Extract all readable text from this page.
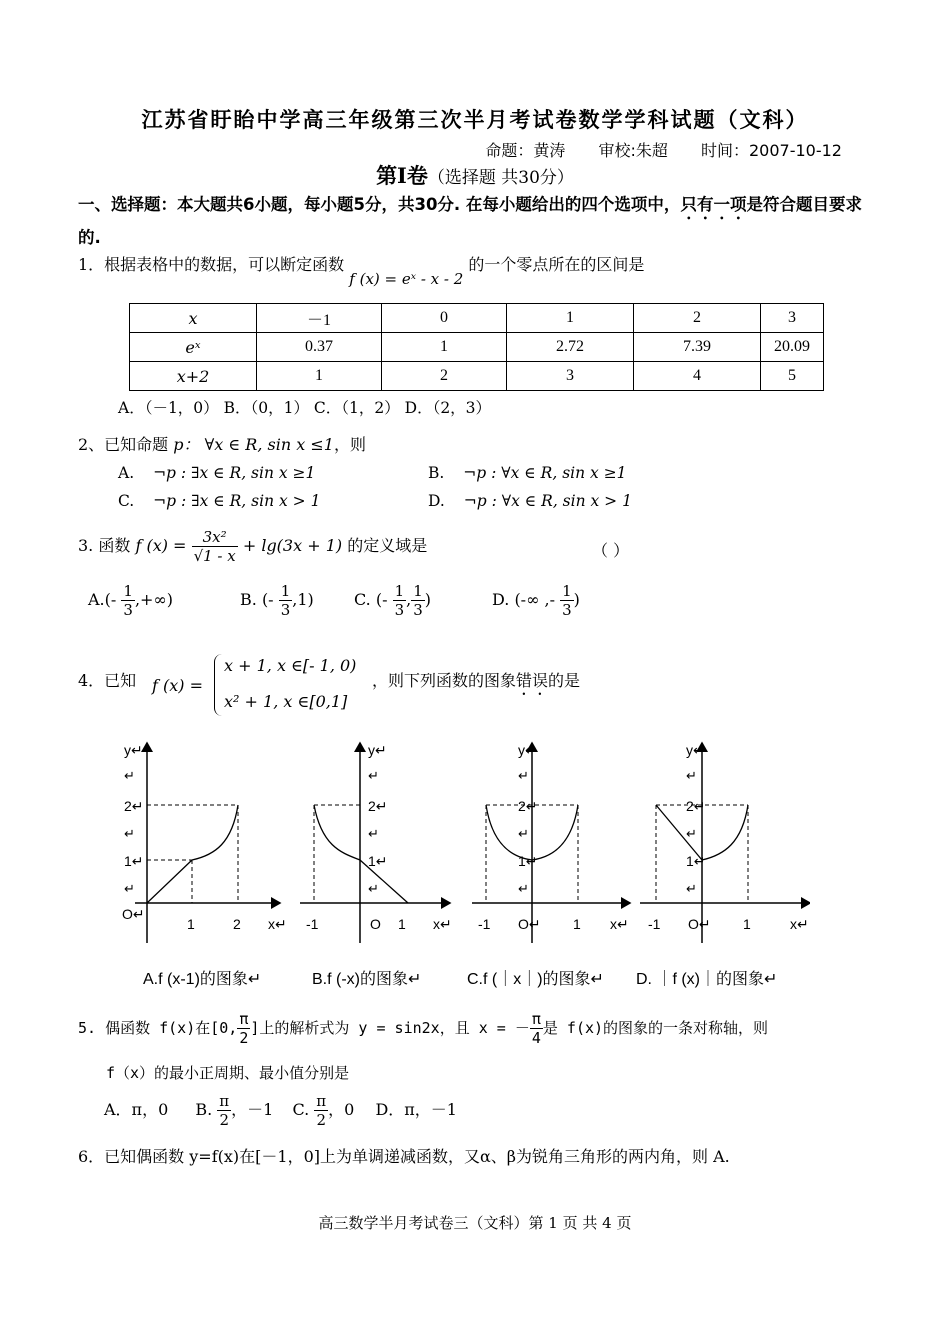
江苏省盱眙中学高三年级第三次半月考试卷数学学科试题（文科）
命题：黄涛 审校:朱超 时间：2007-10-12
第Ⅰ卷（选择题 共30分）
一、选择题：本大题共6小题，每小题5分，共30分. 在每小题给出的四个选项中，只有一项是符合题目要求的.
1．根据表格中的数据，可以断定函数 f (x) = eˣ - x - 2 的一个零点所在的区间是
x	－1	0	1	2	3
eˣ	0.37	1	2.72	7.39	20.09
x+2	1	2	3	4	5
A．（－1，0） B．（0，1） C．（1，2） D．（2，3）
2、已知命题 p： ∀x ∈ R, sin x ≤1，则
A. ¬p : ∃x ∈ R, sin x ≥1	B. ¬p : ∀x ∈ R, sin x ≥1
C. ¬p : ∃x ∈ R, sin x > 1	D. ¬p : ∀x ∈ R, sin x > 1
3. 函数 f $(x) = \frac{\text{3x²}}{√1 - x} + \lg(3x + 1)$ 的定义域是	（ ）
$A.(- \frac{1}{3}$ ,+∞)	B. (- $\frac{1}{3} ,1$)	C. (- $\frac{1}{3}$ , $\frac{1}{3}$ )	D. (-∞ ,- $\frac{1}{3}$ )
4．已知 f (x) =
x + 1, x ∈[- 1, 0)
x² + 1, x ∈[0,1]
，则下列函数的图象错误的是
y↵
↵
2↵
↵
1↵
↵
O↵
1	2 x↵
y↵
↵
2↵
↵
1↵
↵
-1	O 1 x↵
y↵
↵
2↵
↵
1↵
↵
-1 O↵ 1 x↵
y↵
↵
2↵
↵
1↵
↵
-1 O↵ 1	x↵
A.f (x-1)的图象↵	B.f (-x)的图象↵	C.f (｜x｜)的图象↵ D. ｜f (x)｜的图象↵
5. 偶函数 f(x)在[0, $\frac{\pi}{2}$ ]上的解析式为 y = sin2x，且 x = － $\frac{\pi}{4}$ 是 f(x)的图象的一条对称轴，则
f（x）的最小正周期、最小值分别是
A．π，0 B. $\frac{\pi}{2}$ ，－1 C. $\frac{\pi}{2}$ ，0 D．π，－1
6．已知偶函数 y=f(x)在[－1，0]上为单调递减函数，又α、β为锐角三角形的两内角，则 A.
高三数学半月考试卷三（文科）第 1 页 共 4 页
